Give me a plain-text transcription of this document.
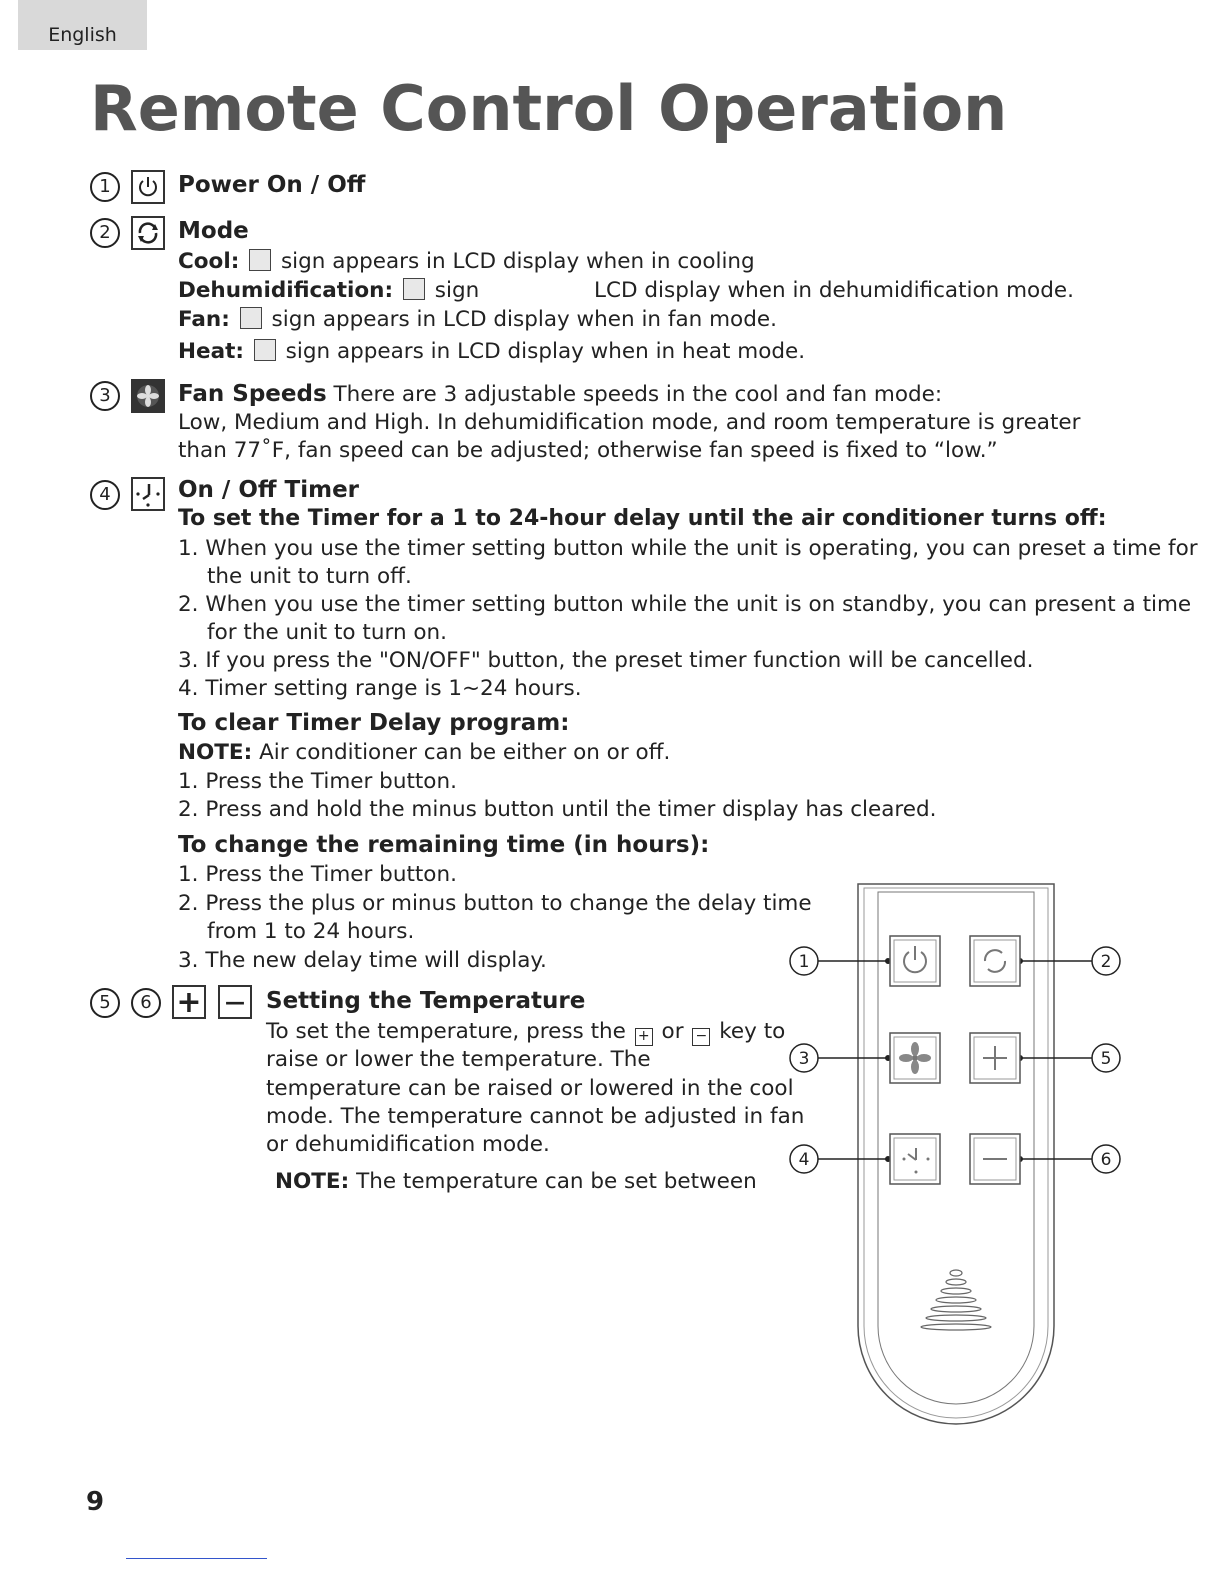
English
Remote Control Operation
1	Power On / Off
2	Mode
Cool: sign appears in LCD display when in cooling
Dehumidification: sign	LCD display when in dehumidification mode.
Fan: sign appears in LCD display when in fan mode.
Heat: sign appears in LCD display when in heat mode.
3	Fan Speeds There are 3 adjustable speeds in the cool and fan mode:
Low, Medium and High. In dehumidification mode, and room temperature is greater
than 77˚F, fan speed can be adjusted; otherwise fan speed is fixed to “low.”
4	On / Off Timer
To set the Timer for a 1 to 24-hour delay until the air conditioner turns off:
1. When you use the timer setting button while the unit is operating, you can preset a time for
the unit to turn off.
2. When you use the timer setting button while the unit is on standby, you can present a time
for the unit to turn on.
3. If you press the "ON/OFF" button, the preset timer function will be cancelled.
4. Timer setting range is 1~24 hours.
To clear Timer Delay program:
NOTE: Air conditioner can be either on or off.
1. Press the Timer button.
2. Press and hold the minus button until the timer display has cleared.
To change the remaining time (in hours):
1. Press the Timer button.
2. Press the plus or minus button to change the delay time
from 1 to 24 hours.
3. The new delay time will display.
5	6 +	— Setting the Temperature
To set the temperature, press the + or − key to
raise or lower the temperature. The
temperature can be raised or lowered in the cool
mode. The temperature cannot be adjusted in fan
or dehumidification mode.
NOTE: The temperature can be set between
1	2
3	5
4	6
9
